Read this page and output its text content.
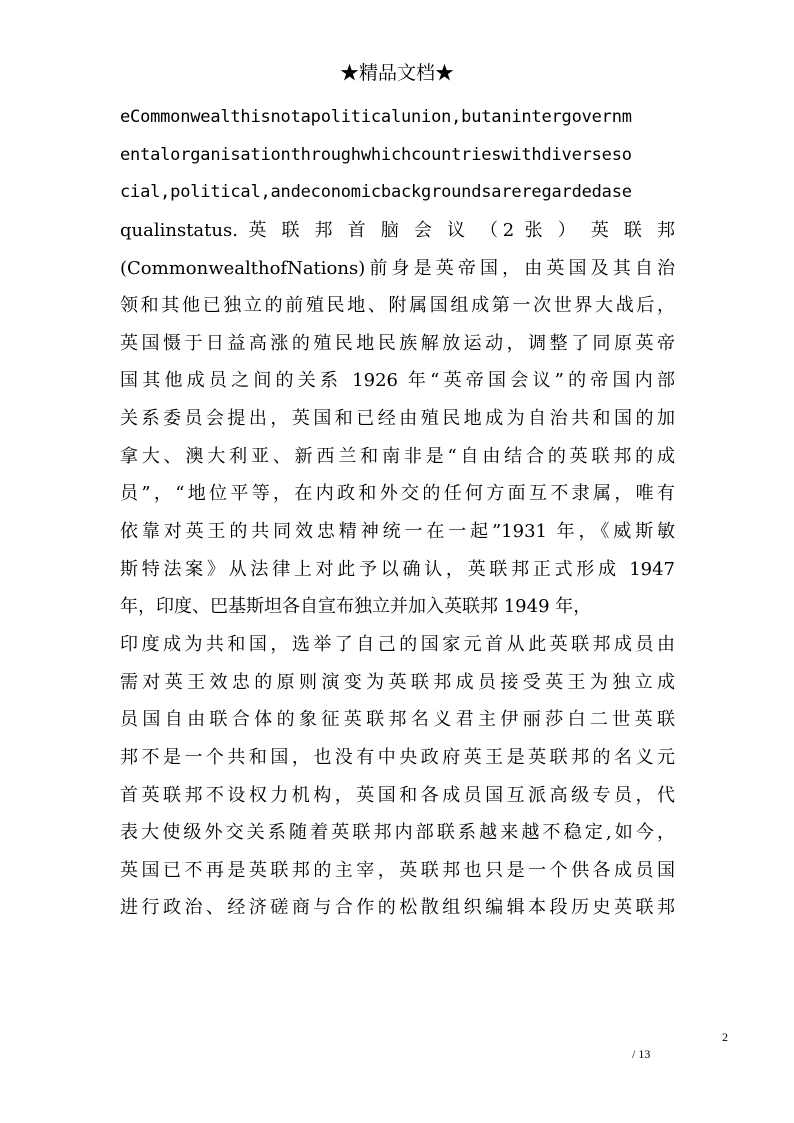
★精品文档★
eCommonwealthisnotapoliticalunion,butanintergovernm
entalorganisationthroughwhichcountrieswithdiverseso
cial,political,andeconomicbackgroundsareregardedase
qualinstatus. 英 联 邦 首 脑 会 议 （2 张 ） 英 联 邦
(CommonwealthofNations)前身是英帝国，由英国及其自治
领和其他已独立的前殖民地、附属国组成第一次世界大战后，
英国慑于日益高涨的殖民地民族解放运动，调整了同原英帝
国其他成员之间的关系 1926 年“英帝国会议”的帝国内部
关系委员会提出，英国和已经由殖民地成为自治共和国的加
拿大、澳大利亚、新西兰和南非是“自由结合的英联邦的成
员”，“地位平等，在内政和外交的任何方面互不隶属，唯有
依靠对英王的共同效忠精神统一在一起”1931 年，《威斯敏
斯特法案》从法律上对此予以确认，英联邦正式形成 1947
年，印度、巴基斯坦各自宣布独立并加入英联邦 1949 年，
印度成为共和国，选举了自己的国家元首从此英联邦成员由
需对英王效忠的原则演变为英联邦成员接受英王为独立成
员国自由联合体的象征英联邦名义君主伊丽莎白二世英联
邦不是一个共和国，也没有中央政府英王是英联邦的名义元
首英联邦不设权力机构，英国和各成员国互派高级专员，代
表大使级外交关系随着英联邦内部联系越来越不稳定,如今，
英国已不再是英联邦的主宰，英联邦也只是一个供各成员国
进行政治、经济磋商与合作的松散组织编辑本段历史英联邦
2
/ 13
